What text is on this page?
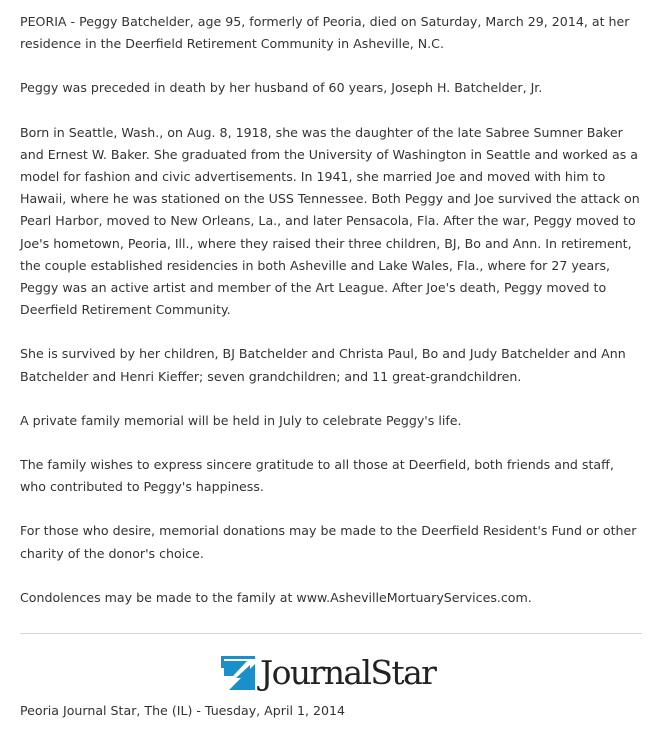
PEORIA - Peggy Batchelder, age 95, formerly of Peoria, died on Saturday, March 29, 2014, at her residence in the Deerfield Retirement Community in Asheville, N.C.

Peggy was preceded in death by her husband of 60 years, Joseph H. Batchelder, Jr.

Born in Seattle, Wash., on Aug. 8, 1918, she was the daughter of the late Sabree Sumner Baker and Ernest W. Baker. She graduated from the University of Washington in Seattle and worked as a model for fashion and civic advertisements. In 1941, she married Joe and moved with him to Hawaii, where he was stationed on the USS Tennessee. Both Peggy and Joe survived the attack on Pearl Harbor, moved to New Orleans, La., and later Pensacola, Fla. After the war, Peggy moved to Joe's hometown, Peoria, Ill., where they raised their three children, BJ, Bo and Ann. In retirement, the couple established residencies in both Asheville and Lake Wales, Fla., where for 27 years, Peggy was an active artist and member of the Art League. After Joe's death, Peggy moved to Deerfield Retirement Community.

She is survived by her children, BJ Batchelder and Christa Paul, Bo and Judy Batchelder and Ann Batchelder and Henri Kieffer; seven grandchildren; and 11 great-grandchildren.

A private family memorial will be held in July to celebrate Peggy's life.

The family wishes to express sincere gratitude to all those at Deerfield, both friends and staff, who contributed to Peggy's happiness.

For those who desire, memorial donations may be made to the Deerfield Resident's Fund or other charity of the donor's choice.

Condolences may be made to the family at www.AshevilleMortuaryServices.com.

JournalStar
Peoria Journal Star, The (IL) - Tuesday, April 1, 2014
